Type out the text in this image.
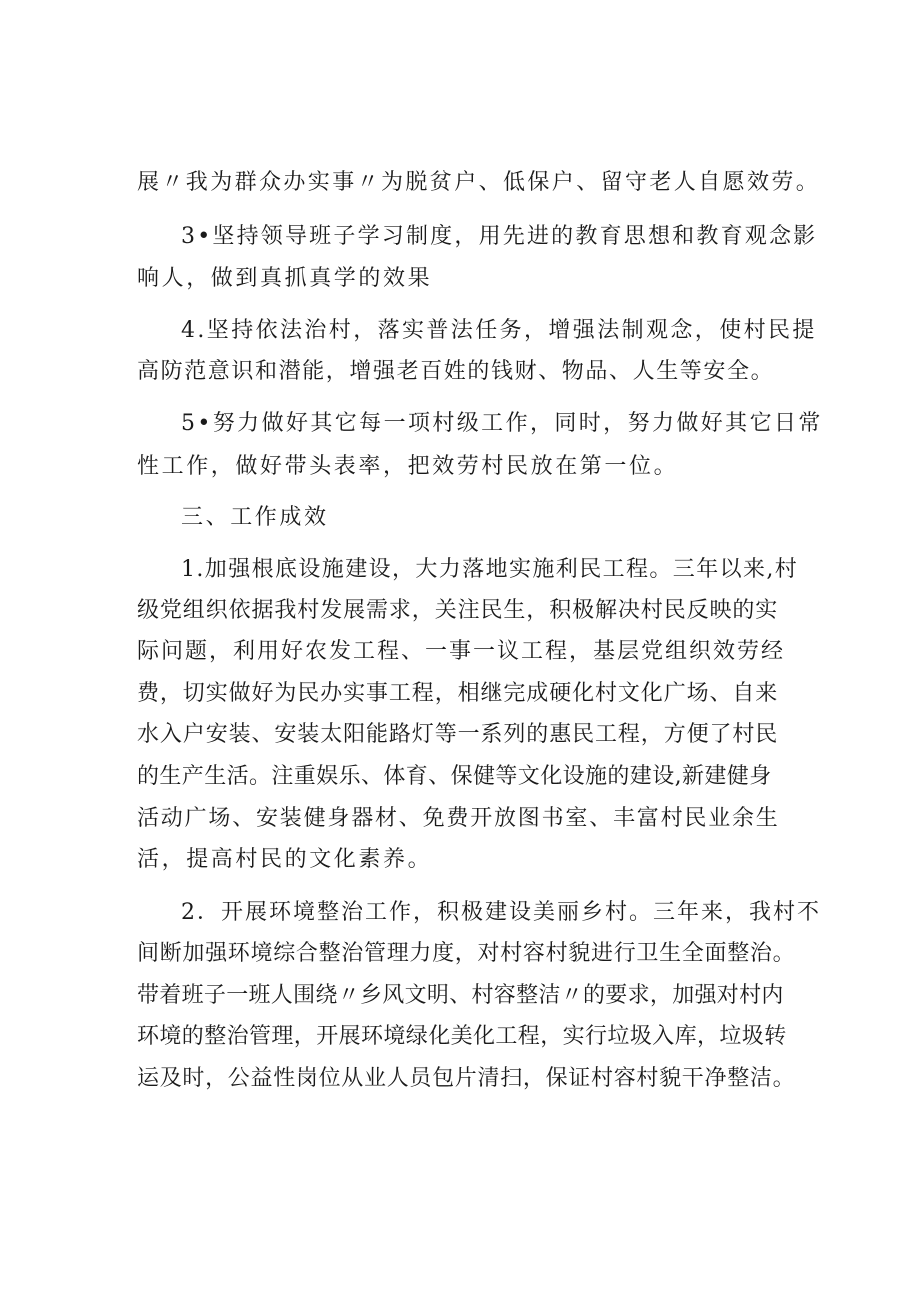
展〃我为群众办实事〃为脱贫户、低保户、留守老人自愿效劳。
3•坚持领导班子学习制度，用先进的教育思想和教育观念影
响人，做到真抓真学的效果
4.坚持依法治村，落实普法任务，增强法制观念，使村民提
高防范意识和潜能，增强老百姓的钱财、物品、人生等安全。
5•努力做好其它每一项村级工作，同时，努力做好其它日常
性工作，做好带头表率，把效劳村民放在第一位。
三、工作成效
1.加强根底设施建设，大力落地实施利民工程。三年以来,村
级党组织依据我村发展需求，关注民生，积极解决村民反映的实
际问题，利用好农发工程、一事一议工程，基层党组织效劳经
费，切实做好为民办实事工程，相继完成硬化村文化广场、自来
水入户安装、安装太阳能路灯等一系列的惠民工程，方便了村民
的生产生活。注重娱乐、体育、保健等文化设施的建设,新建健身
活动广场、安装健身器材、免费开放图书室、丰富村民业余生
活，提高村民的文化素养。
2．开展环境整治工作，积极建设美丽乡村。三年来，我村不
间断加强环境综合整治管理力度，对村容村貌进行卫生全面整治。
带着班子一班人围绕〃乡风文明、村容整洁〃的要求，加强对村内
环境的整治管理，开展环境绿化美化工程，实行垃圾入库，垃圾转
运及时，公益性岗位从业人员包片清扫，保证村容村貌干净整洁。
